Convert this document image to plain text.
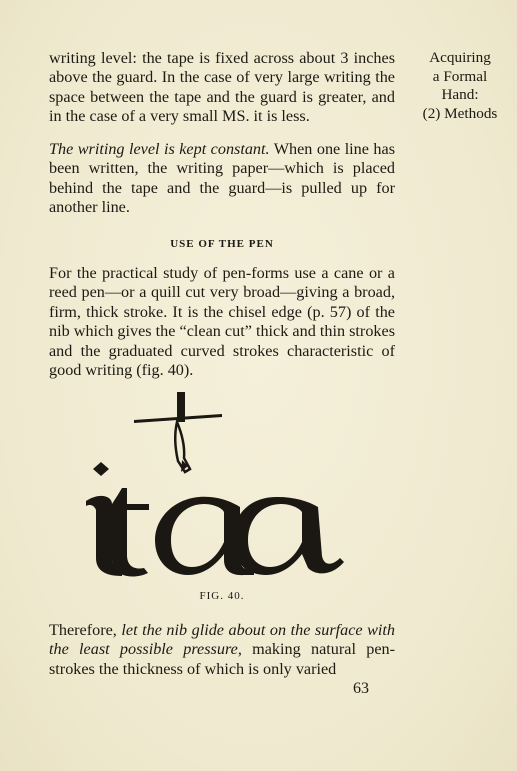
writing level: the tape is fixed across about 3 inches above the guard. In the case of very large writing the space between the tape and the guard is greater, and in the case of a very small MS. it is less.
The writing level is kept constant. When one line has been written, the writing paper—which is placed behind the tape and the guard—is pulled up for another line.
USE OF THE PEN
For the practical study of pen-forms use a cane or a reed pen—or a quill cut very broad—giving a broad, firm, thick stroke. It is the chisel edge (p. 57) of the nib which gives the “clean cut” thick and thin strokes and the graduated curved strokes characteristic of good writing (fig. 40).
Acquiring
a Formal
Hand:
(2) Methods
FIG. 40.
Therefore, let the nib glide about on the surface with the least possible pressure, making natural pen-strokes the thickness of which is only varied
63
